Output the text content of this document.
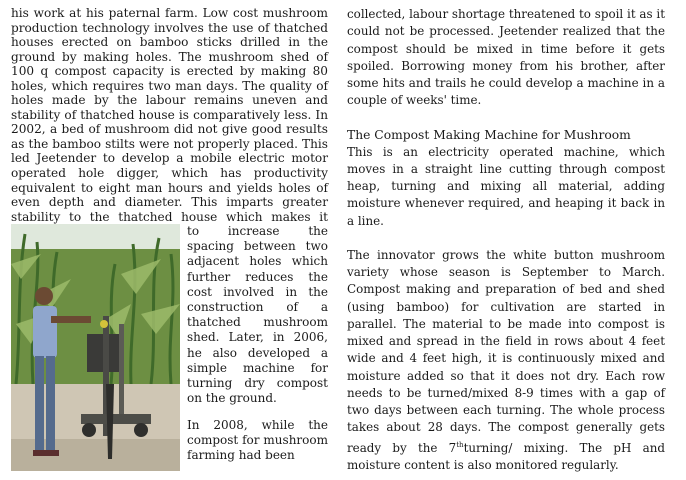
his work at his paternal farm. Low cost mushroom production technology involves the use of thatched houses erected on bamboo sticks drilled in the ground by making holes. The mushroom shed of 100 q compost capacity is erected by making 80 holes, which requires two man days. The quality of holes made by the labour remains uneven and stability of thatched house is comparatively less. In 2002, a bed of mushroom did not give good results as the bamboo stilts were not properly placed. This led Jeetender to develop a mobile electric motor operated hole digger, which has productivity equivalent to eight man hours and yields holes of even depth and diameter. This imparts greater stability to the thatched house which makes it

to increase the spacing between two adjacent holes which further reduces the cost involved in the construction of a thatched mushroom shed. Later, in 2006, he also developed a simple machine for turning dry compost on the ground.

In 2008, while the compost for mushroom farming had been

collected, labour shortage threatened to spoil it as it could not be processed. Jeetender realized that the compost should be mixed in time before it gets spoiled. Borrowing money from his brother, after some hits and trails he could develop a machine in a couple of weeks' time.

The Compost Making Machine for Mushroom

This is an electricity operated machine, which moves in a straight line cutting through compost heap, turning and mixing all material, adding moisture whenever required, and heaping it back in a line.

The innovator grows the white button mushroom variety whose season is September to March. Compost making and preparation of bed and shed (using bamboo) for cultivation are started in parallel. The material to be made into compost is mixed and spread in the field in rows about 4 feet wide and 4 feet high, it is continuously mixed and moisture added so that it does not dry. Each row needs to be turned/mixed 8-9 times with a gap of two days between each turning. The whole process takes about 28 days. The compost generally gets ready by the 7thturning/ mixing. The pH and moisture content is also monitored regularly.
